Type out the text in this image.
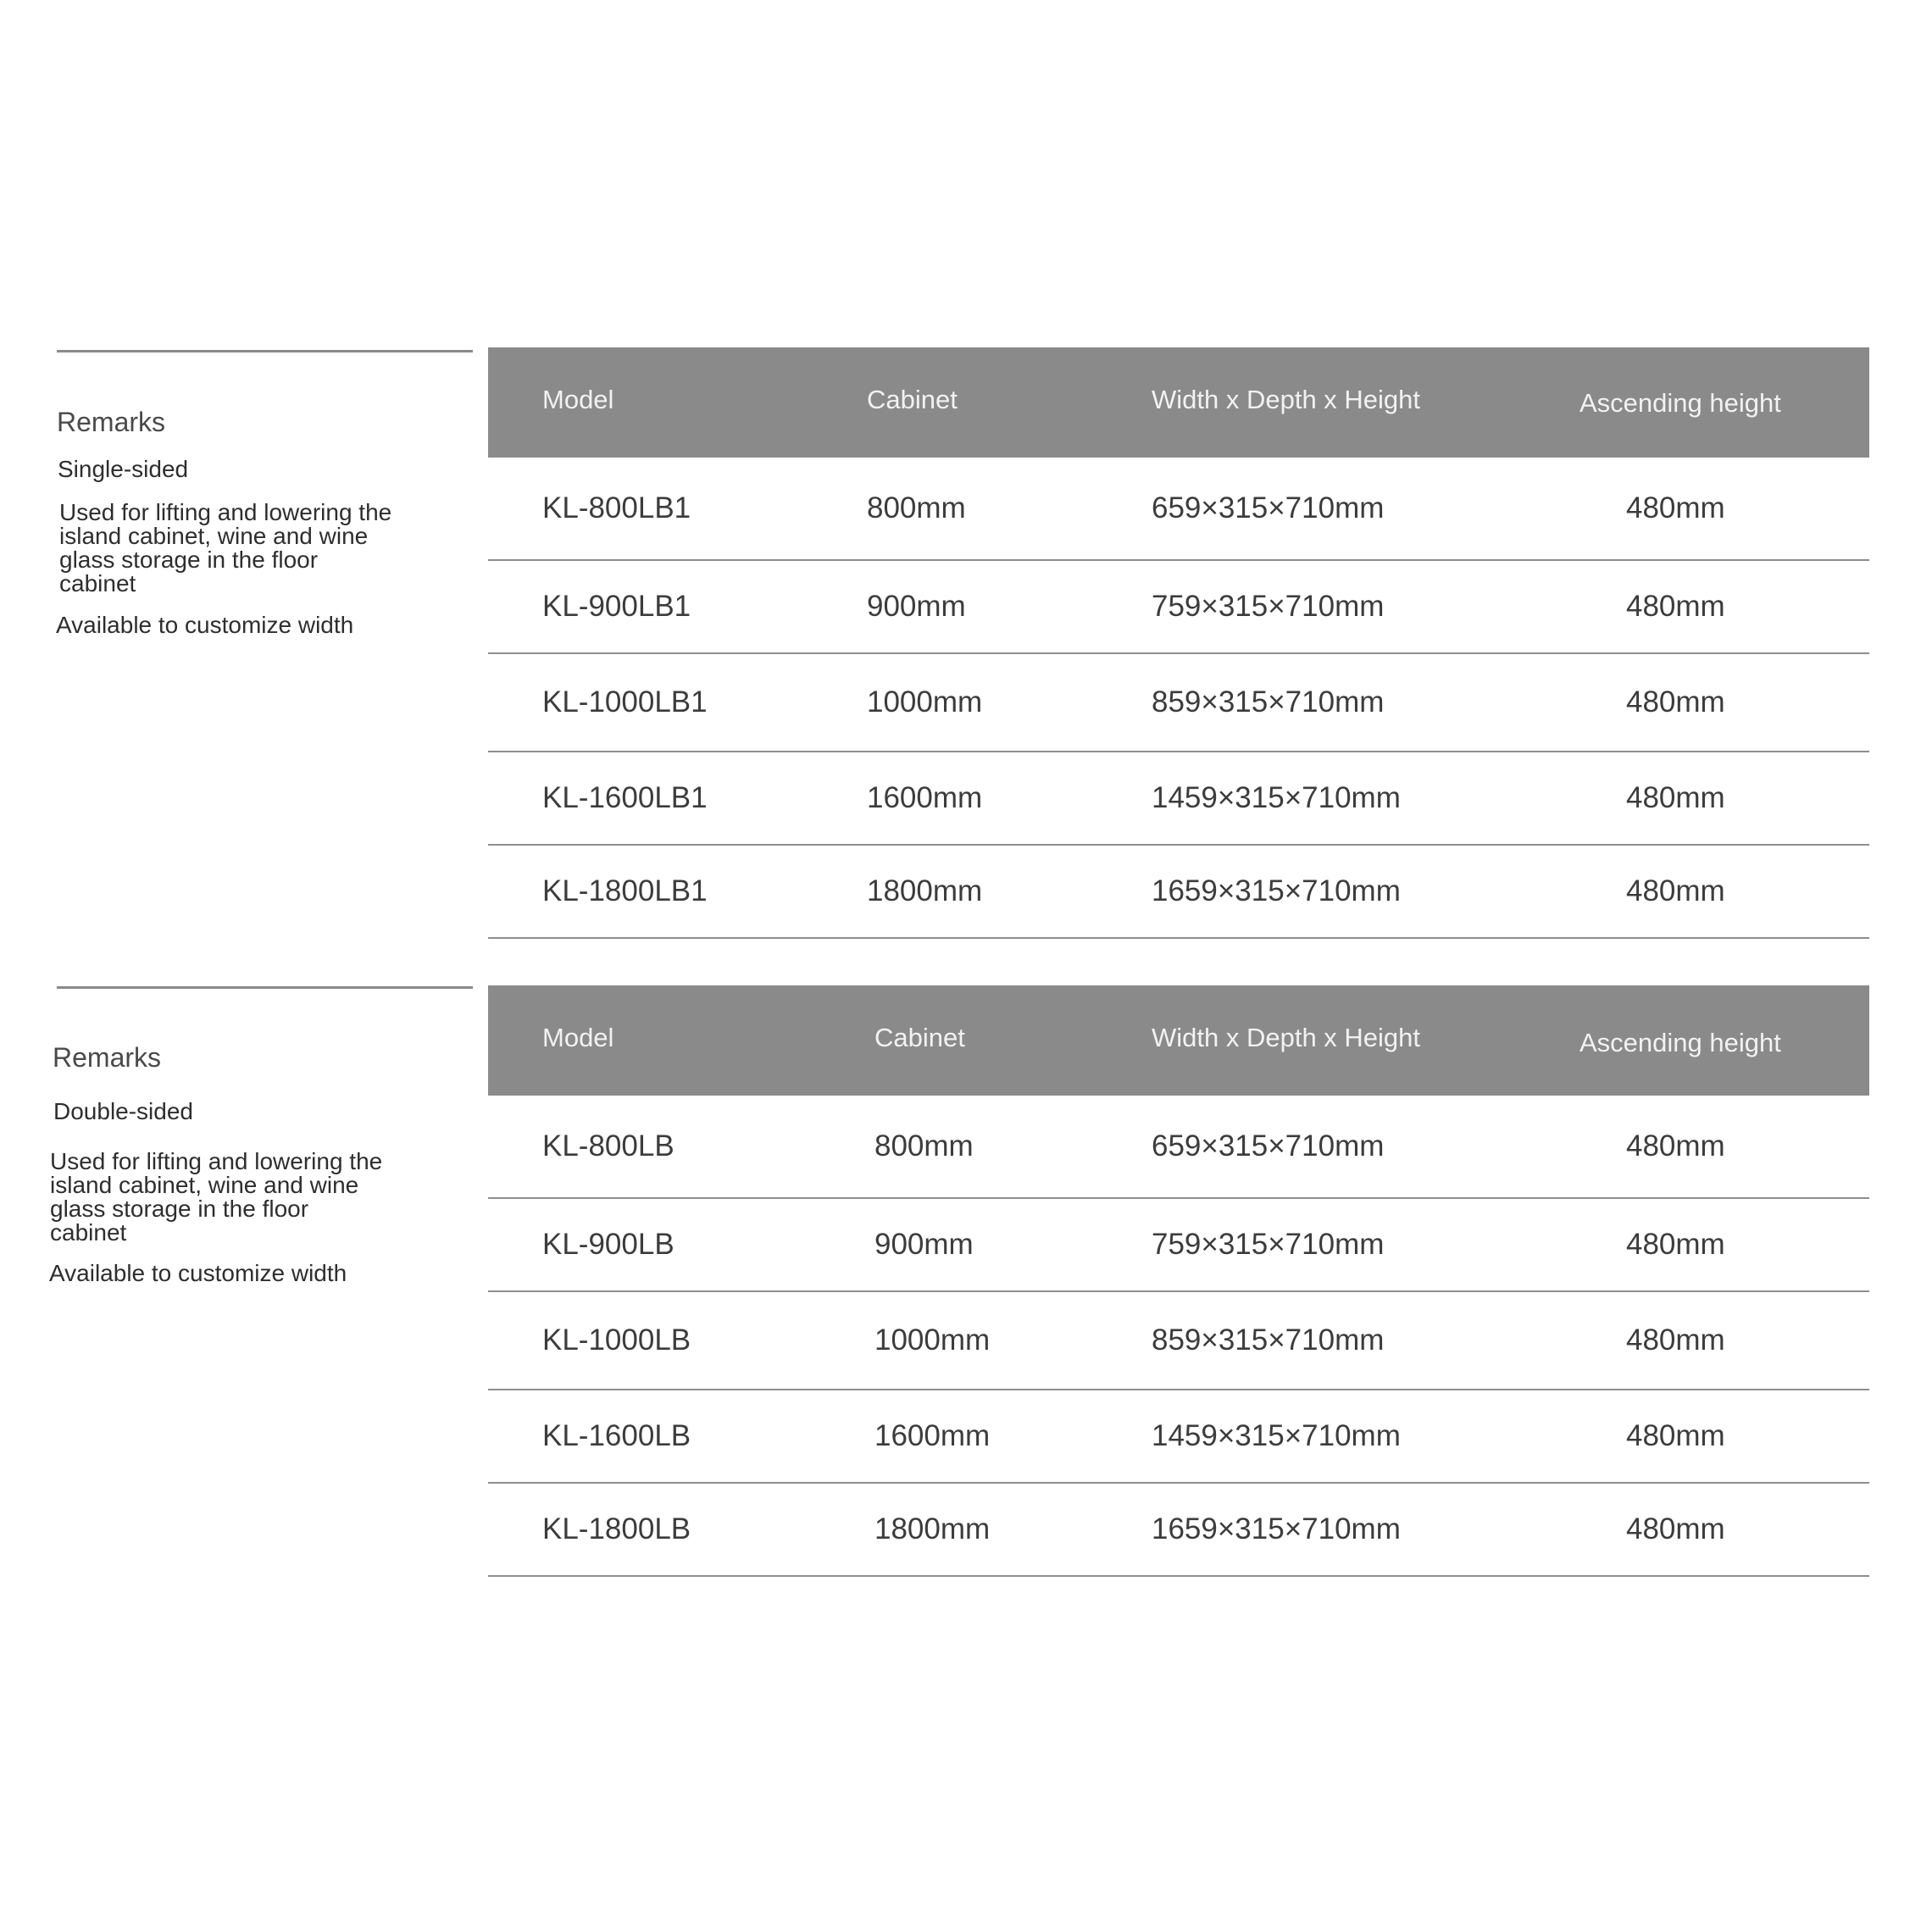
Remarks
Single-sided
Used for lifting and lowering the island cabinet, wine and wine glass storage in the floor cabinet
Available to customize width
Model	Cabinet	Width x Depth x Height	Ascending height
KL-800LB1	800mm	659×315×710mm	480mm
KL-900LB1	900mm	759×315×710mm	480mm
KL-1000LB1	1000mm	859×315×710mm	480mm
KL-1600LB1	1600mm	1459×315×710mm	480mm
KL-1800LB1	1800mm	1659×315×710mm	480mm
Remarks
Double-sided
Used for lifting and lowering the island cabinet, wine and wine glass storage in the floor cabinet
Available to customize width
Model	Cabinet	Width x Depth x Height	Ascending height
KL-800LB	800mm	659×315×710mm	480mm
KL-900LB	900mm	759×315×710mm	480mm
KL-1000LB	1000mm	859×315×710mm	480mm
KL-1600LB	1600mm	1459×315×710mm	480mm
KL-1800LB	1800mm	1659×315×710mm	480mm
